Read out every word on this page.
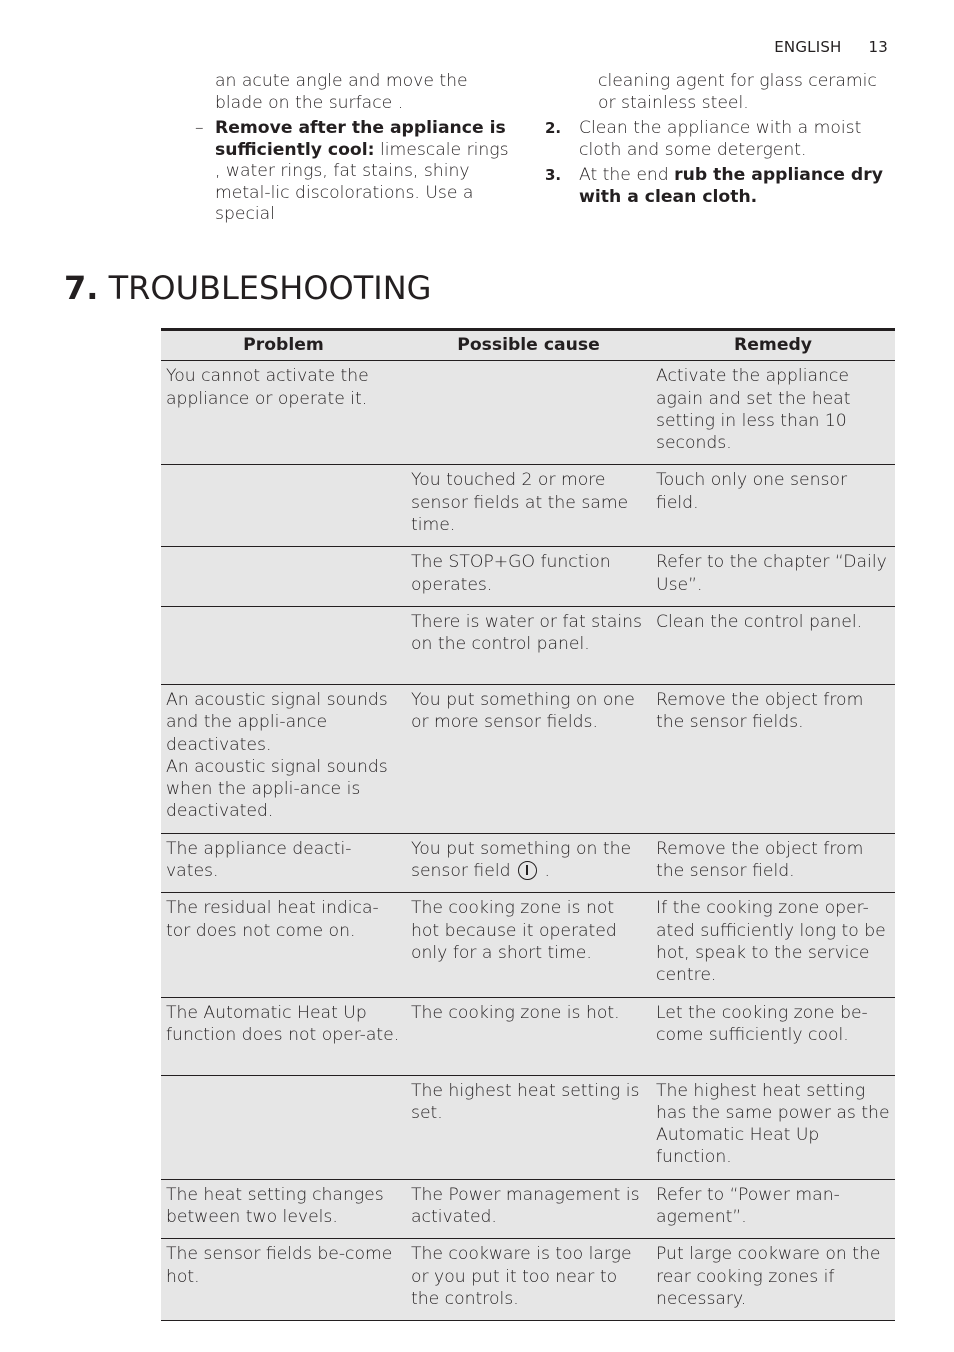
ENGLISH 13

an acute angle and move the blade on the surface .

– Remove after the appliance is sufficiently cool: limescale rings , water rings, fat stains, shiny metal-lic discolorations. Use a special

cleaning agent for glass ceramic or stainless steel.

2. Clean the appliance with a moist cloth and some detergent.
3. At the end rub the appliance dry with a clean cloth.
7. TROUBLESHOOTING
Problem	Possible cause	Remedy
You cannot activate the appliance or operate it.		Activate the appliance again and set the heat setting in less than 10 seconds.
	You touched 2 or more sensor fields at the same time.	Touch only one sensor field.
	The STOP+GO function operates.	Refer to the chapter “Daily Use”.
	There is water or fat stains on the control panel.	Clean the control panel.

An acoustic signal sounds and the appli-ance deactivates.
An acoustic signal sounds when the appli-ance is deactivated.	You put something on one or more sensor fields.	Remove the object from the sensor fields.
The appliance deacti-vates.	You put something on the sensor field  .	Remove the object from the sensor field.
The residual heat indica-tor does not come on.	The cooking zone is not hot because it operated only for a short time.	If the cooking zone oper-ated sufficiently long to be hot, speak to the service centre.
The Automatic Heat Up function does not oper-ate.	The cooking zone is hot.	Let the cooking zone be-come sufficiently cool.
	The highest heat setting is set.	The highest heat setting has the same power as the Automatic Heat Up function.
The heat setting changes between two levels.	The Power management is activated.	Refer to “Power man-agement”.
The sensor fields be-come hot.	The cookware is too large or you put it too near to the controls.	Put large cookware on the rear cooking zones if necessary.
